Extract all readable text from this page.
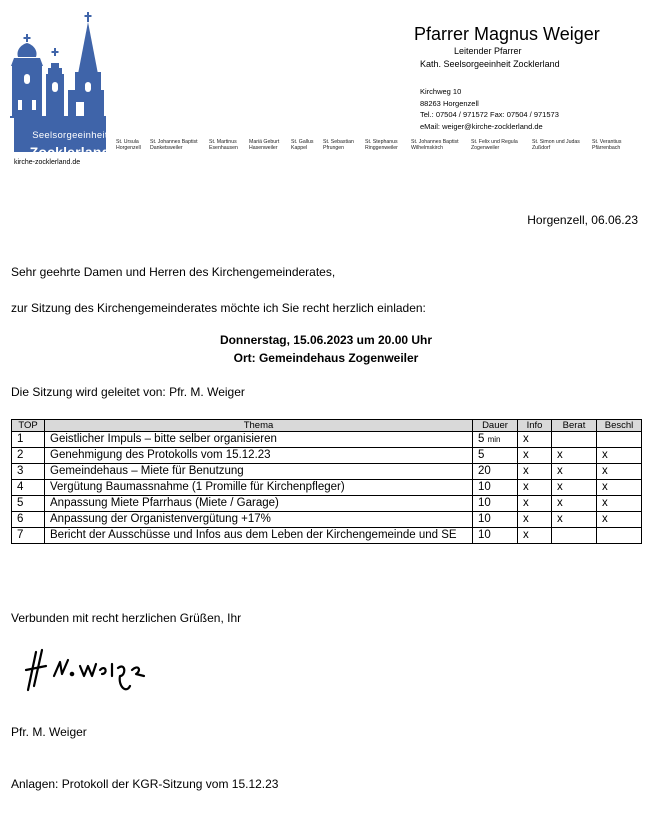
Seelsorgeeinheit
Zocklerland
kirche-zocklerland.de
Pfarrer Magnus Weiger
Leitender Pfarrer
Kath. Seelsorgeeinheit Zocklerland
Kirchweg 10
88263 Horgenzell
Tel.: 07504 / 971572 Fax: 07504 / 971573
eMail: weiger@kirche-zocklerland.de
St. Ursula
Horgenzell
St. Johannes Baptist
Danketsweiler
St. Martinus
Esenhausen
Mariä Geburt
Hasenweiler
St. Gallus
Kappel
St. Sebastian
Pfrungen
St. Stephanus
Ringgenweiler
St. Johannes Baptist
Wilhelmskirch
St. Felix und Regula
Zogenweiler
St. Simon und Judas
Zußdorf
St. Verantius
Pfärrenbach
Horgenzell, 06.06.23
Sehr geehrte Damen und Herren des Kirchengemeinderates,
zur Sitzung des Kirchengemeinderates möchte ich Sie recht herzlich einladen:
Donnerstag, 15.06.2023 um 20.00 Uhr
Ort: Gemeindehaus Zogenweiler
Die Sitzung wird geleitet von: Pfr. M. Weiger
TOP	Thema	Dauer	Info	Berat	Beschl
1	Geistlicher Impuls – bitte selber organisieren	5 min	x		
2	Genehmigung des Protokolls vom 15.12.23	5	x	x	x
3	Gemeindehaus – Miete für Benutzung	20	x	x	x
4	Vergütung Baumassnahme (1 Promille für Kirchenpfleger)	10	x	x	x
5	Anpassung Miete Pfarrhaus (Miete / Garage)	10	x	x	x
6	Anpassung der Organistenvergütung +17%	10	x	x	x
7	Bericht der Ausschüsse und Infos aus dem Leben der Kirchengemeinde und SE	10	x		
Verbunden mit recht herzlichen Grüßen, Ihr
Pfr. M. Weiger
Anlagen: Protokoll der KGR-Sitzung vom 15.12.23
